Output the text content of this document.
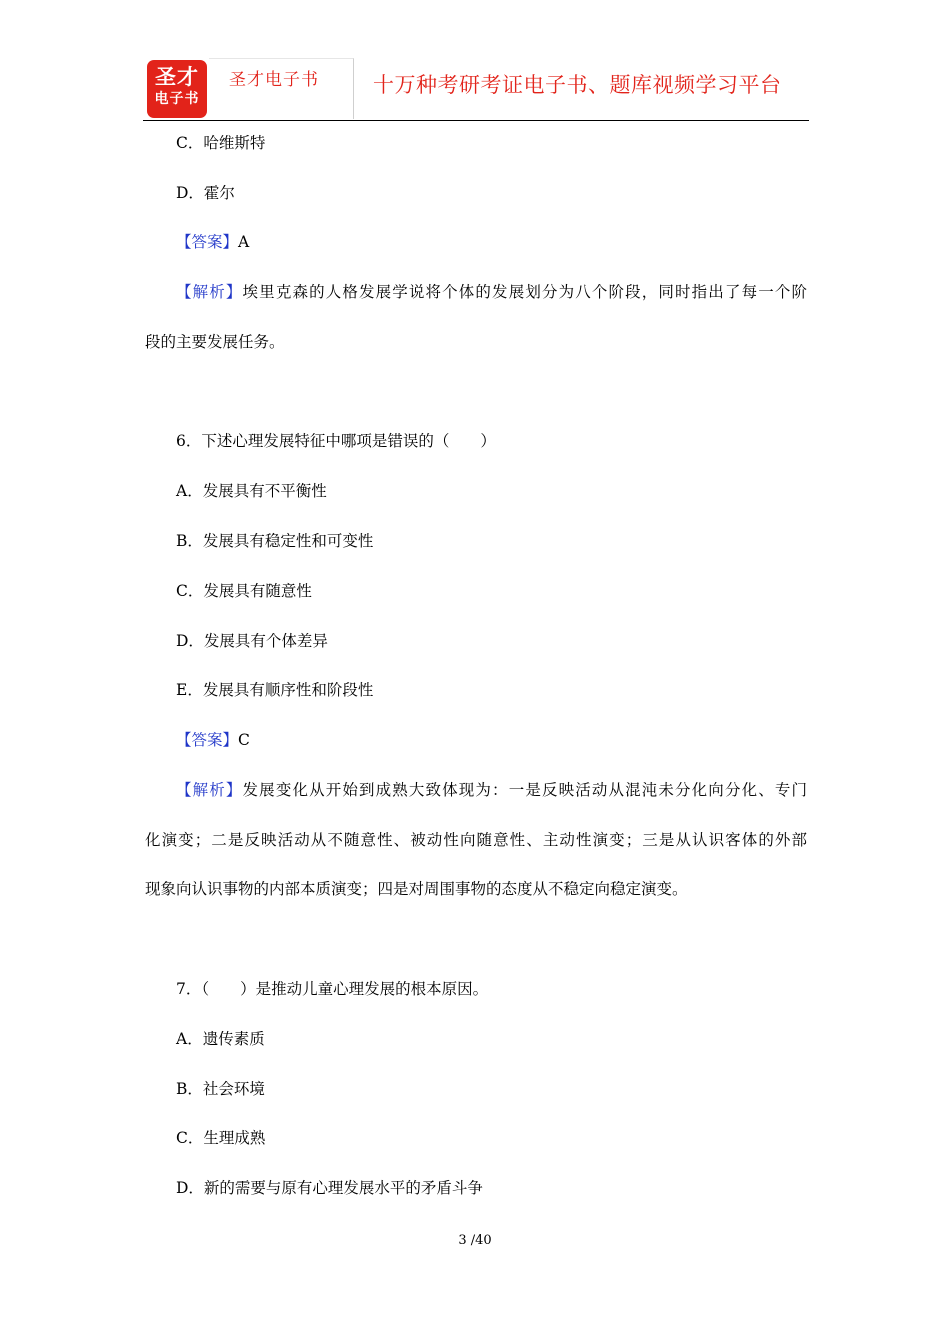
圣才
电子书
圣才电子书	十万种考研考证电子书、题库视频学习平台
C．哈维斯特
D．霍尔
【答案】A
【解析】埃里克森的人格发展学说将个体的发展划分为八个阶段，同时指出了每一个阶
段的主要发展任务。
6．下述心理发展特征中哪项是错误的（　　）
A．发展具有不平衡性
B．发展具有稳定性和可变性
C．发展具有随意性
D．发展具有个体差异
E．发展具有顺序性和阶段性
【答案】C
【解析】发展变化从开始到成熟大致体现为：一是反映活动从混沌未分化向分化、专门
化演变；二是反映活动从不随意性、被动性向随意性、主动性演变；三是从认识客体的外部
现象向认识事物的内部本质演变；四是对周围事物的态度从不稳定向稳定演变。
7．（　　）是推动儿童心理发展的根本原因。
A．遗传素质
B．社会环境
C．生理成熟
D．新的需要与原有心理发展水平的矛盾斗争
3 /40
